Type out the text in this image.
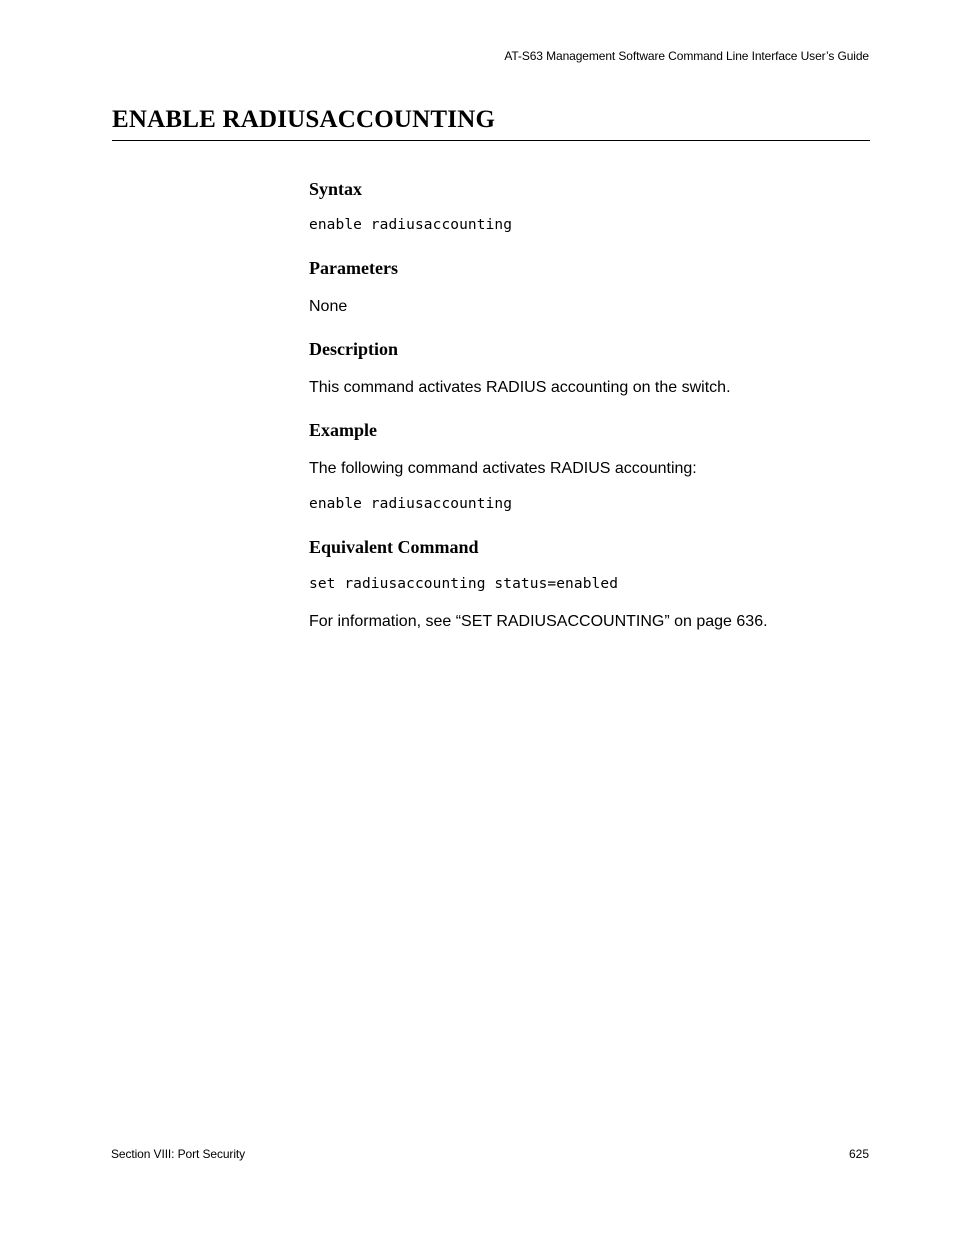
AT-S63 Management Software Command Line Interface User’s Guide
ENABLE RADIUSACCOUNTING
Syntax
enable radiusaccounting
Parameters

None

Description

This command activates RADIUS accounting on the switch.

Example

The following command activates RADIUS accounting:

enable radiusaccounting
Equivalent Command
set radiusaccounting status=enabled

For information, see “SET RADIUSACCOUNTING” on page 636.

Section VIII: Port Security	625
